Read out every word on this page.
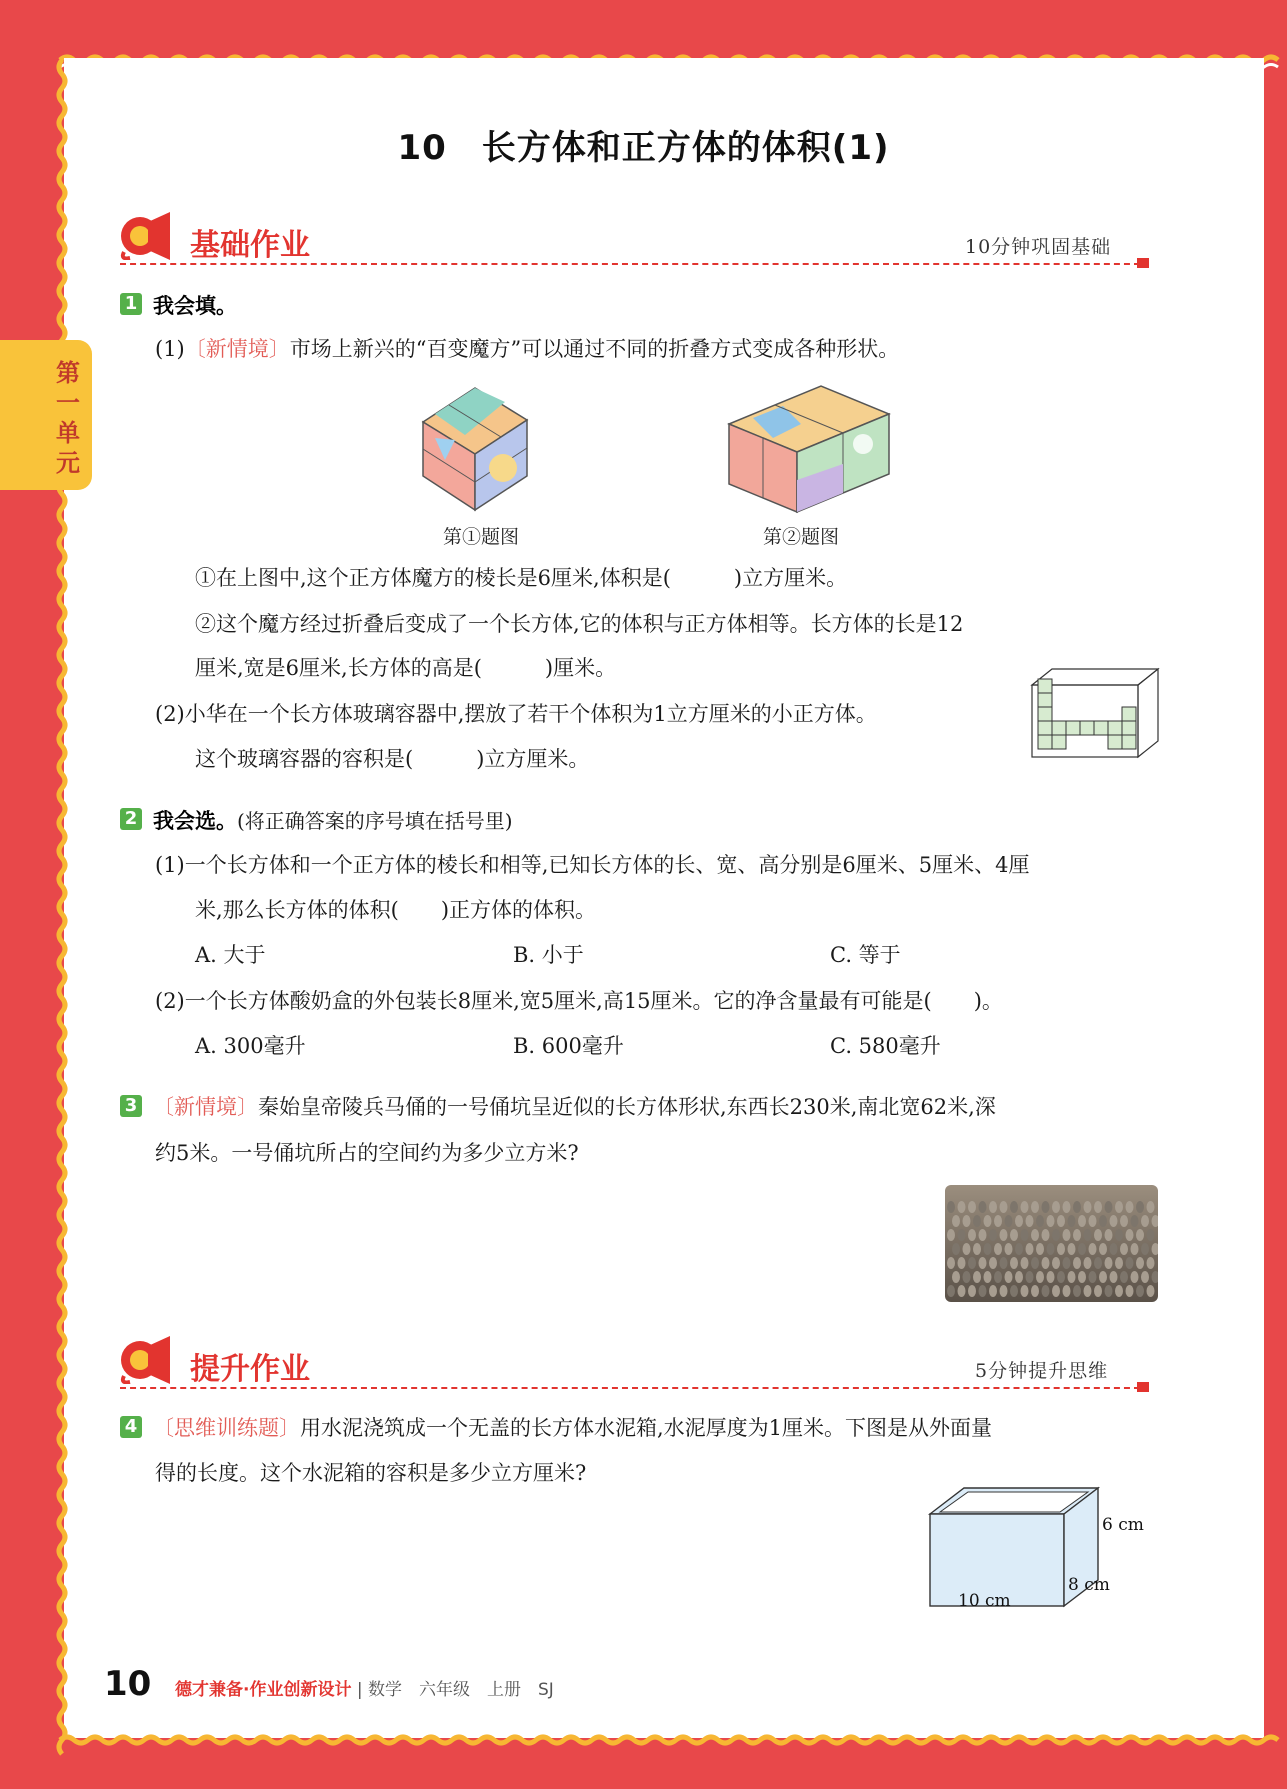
10　长方体和正方体的体积(1)
第一单元
基础作业	10分钟巩固基础
1 我会填。
(1)〔新情境〕市场上新兴的“百变魔方”可以通过不同的折叠方式变成各种形状。
第①题图	第②题图
①在上图中,这个正方体魔方的棱长是6厘米,体积是(　　　)立方厘米。
②这个魔方经过折叠后变成了一个长方体,它的体积与正方体相等。长方体的长是12
厘米,宽是6厘米,长方体的高是(　　　)厘米。
(2)小华在一个长方体玻璃容器中,摆放了若干个体积为1立方厘米的小正方体。
这个玻璃容器的容积是(　　　)立方厘米。
2 我会选。(将正确答案的序号填在括号里)
(1)一个长方体和一个正方体的棱长和相等,已知长方体的长、宽、高分别是6厘米、5厘米、4厘
米,那么长方体的体积(　　)正方体的体积。
A. 大于	B. 小于	C. 等于
(2)一个长方体酸奶盒的外包装长8厘米,宽5厘米,高15厘米。它的净含量最有可能是(　　)。
A. 300毫升	B. 600毫升	C. 580毫升
3 〔新情境〕秦始皇帝陵兵马俑的一号俑坑呈近似的长方体形状,东西长230米,南北宽62米,深
约5米。一号俑坑所占的空间约为多少立方米?
提升作业	5分钟提升思维
4 〔思维训练题〕用水泥浇筑成一个无盖的长方体水泥箱,水泥厚度为1厘米。下图是从外面量
得的长度。这个水泥箱的容积是多少立方厘米?
6 cm
8 cm
10 cm
10 德才兼备·作业创新设计 | 数学　六年级　上册　SJ
